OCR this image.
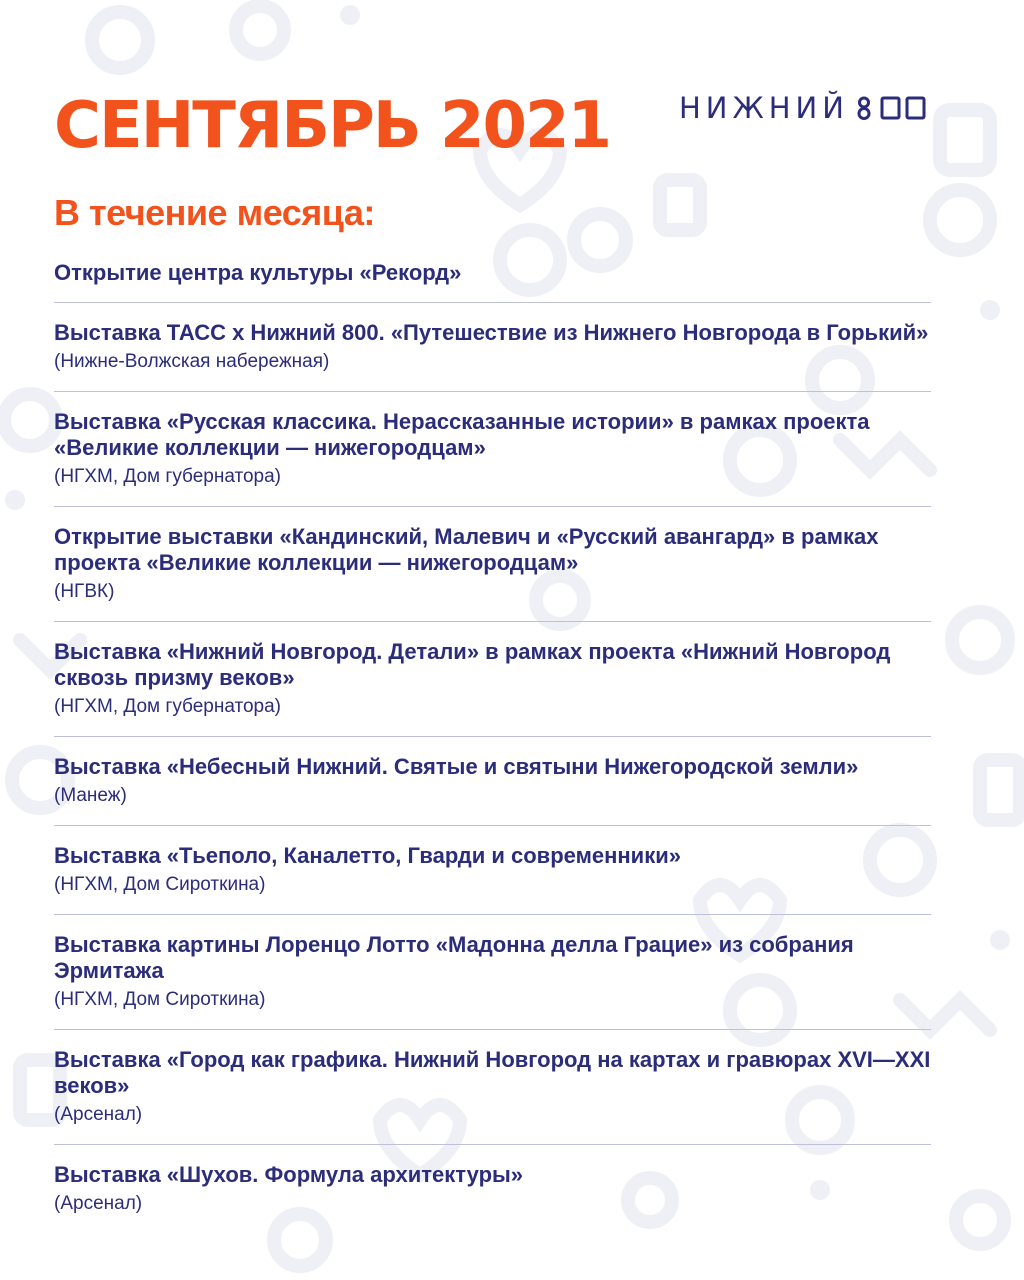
СЕНТЯБРЬ 2021 НИЖНИЙ
В течение месяца:

Открытие центра культуры «Рекорд»

Выставка ТАСС x Нижний 800. «Путешествие из Нижнего Новгорода в Горький»

(Нижне-Волжская набережная)

Выставка «Русская классика. Нерассказанные истории» в рамках проекта «Великие коллекции — нижегородцам»

(НГХМ, Дом губернатора)

Открытие выставки «Кандинский, Малевич и «Русский авангард» в рамках проекта «Великие коллекции — нижегородцам»

(НГВК)

Выставка «Нижний Новгород. Детали» в рамках проекта «Нижний Новгород сквозь призму веков»

(НГХМ, Дом губернатора)

Выставка «Небесный Нижний. Святые и святыни Нижегородской земли»

(Манеж)

Выставка «Тьеполо, Каналетто, Гварди и современники»

(НГХМ, Дом Сироткина)

Выставка картины Лоренцо Лотто «Мадонна делла Грацие» из собрания Эрмитажа

(НГХМ, Дом Сироткина)

Выставка «Город как графика. Нижний Новгород на картах и гравюрах XVI—XXI веков»

(Арсенал)

Выставка «Шухов. Формула архитектуры»

(Арсенал)
